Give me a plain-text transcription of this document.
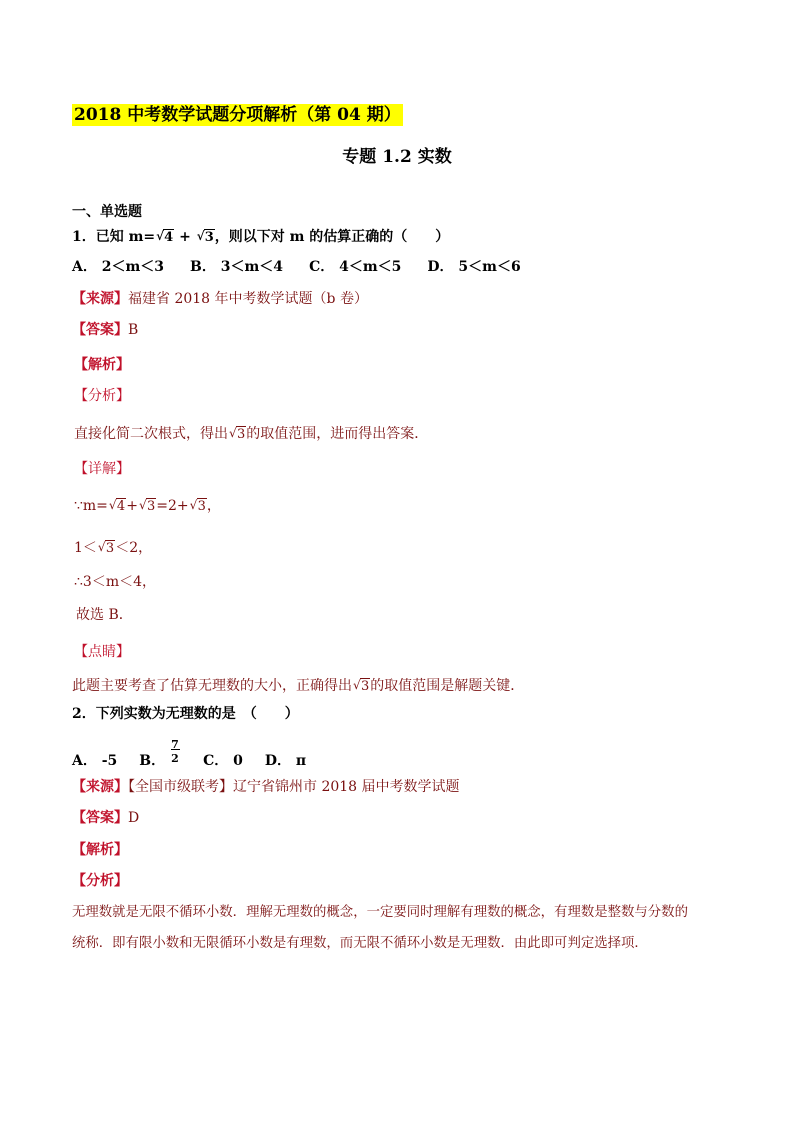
2018 中考数学试题分项解析（第 04 期）
专题 1.2 实数
一、单选题
1．已知 m= √ 4 + √ 3，则以下对 m 的估算正确的（　　）
A． 2＜m＜3 B． 3＜m＜4 C． 4＜m＜5 D． 5＜m＜6
【来源】福建省 2018 年中考数学试题（b 卷）
【答案】B
【解析】
【分析】
直接化简二次根式，得出 √ 3的取值范围，进而得出答案．
【详解】
∵m= √ 4+ √ 3=2+ √ 3，
1＜ √ 3＜2，
∴3＜m＜4，
故选 B．
【点睛】
此题主要考查了估算无理数的大小，正确得出 √ 3的取值范围是解题关键．
2．下列实数为无理数的是　（　　）
A． -5 B． $\frac{7}{2}$ C． 0 D． π
【来源】【全国市级联考】辽宁省锦州市 2018 届中考数学试题
【答案】D
【解析】
【分析】
无理数就是无限不循环小数．理解无理数的概念，一定要同时理解有理数的概念，有理数是整数与分数的
统称．即有限小数和无限循环小数是有理数，而无限不循环小数是无理数．由此即可判定选择项．
